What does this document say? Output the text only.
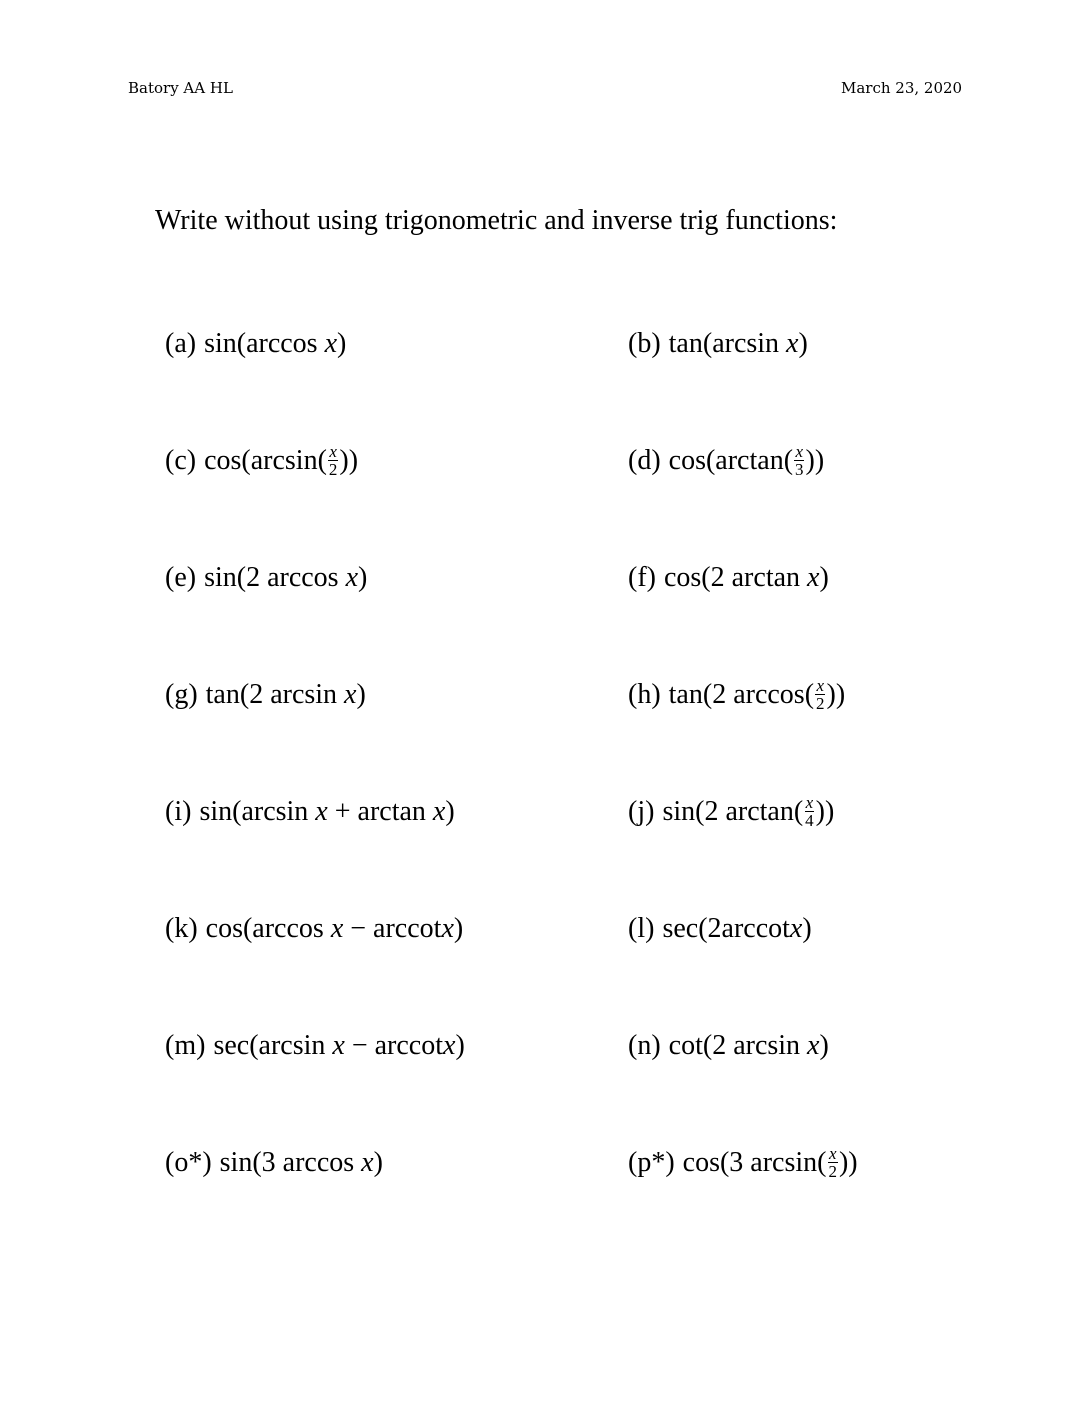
Batory AA HL	March 23, 2020
Write without using trigonometric and inverse trig functions:
(a) sin(arccos x)	(b) tan(arcsin x)
(c) $\cos(\arcsin( \frac{x}{2}$ ))	(d) $\cos(\arctan( \frac{x}{3}$ ))
(e) sin(2 arccos x)	(f) cos(2 arctan x)
(g) tan(2 arcsin x)	(h) tan(2 $\arccos( \frac{x}{2}$ ))
(i) sin(arcsin x + arctan x)	(j) sin(2 $\arctan( \frac{x}{4}$ ))
(k) cos(arccos x − arccotx)	(l) sec(2arccotx)
(m) sec(arcsin x − arccotx)	(n) cot(2 arcsin x)
(o*) sin(3 arccos x)	(p*) cos(3 $\arcsin( \frac{x}{2}$ ))
